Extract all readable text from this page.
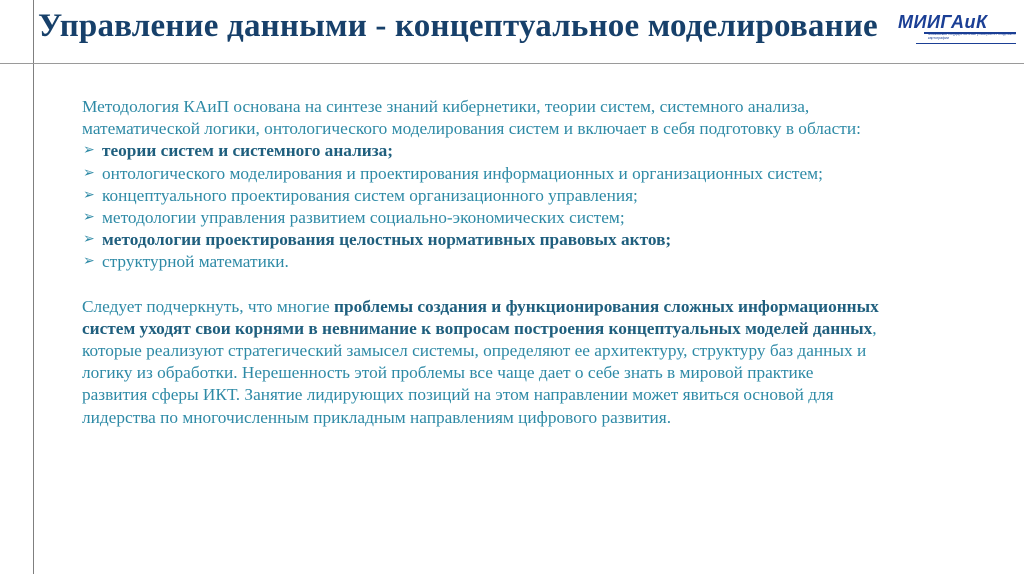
Управление данными - концептуальное моделирование МИИГАиК
Московский государственный университет геодезии и картографии

Методология КАиП основана на синтезе знаний кибернетики, теории систем, системного анализа, математической логики, онтологического моделирования систем и включает в себя подготовку в области:

➢ теории систем и системного анализа;
➢ онтологического моделирования и проектирования информационных и организационных систем;
➢ концептуального проектирования систем организационного управления;
➢ методологии управления развитием социально-экономических систем;
➢ методологии проектирования целостных нормативных правовых актов;
➢ структурной математики.

Следует подчеркнуть, что многие проблемы создания и функционирования сложных информационных систем уходят свои корнями в невнимание к вопросам построения концептуальных моделей данных, которые реализуют стратегический замысел системы, определяют ее архитектуру, структуру баз данных и логику из обработки. Нерешенность этой проблемы все чаще дает о себе знать в мировой практике развития сферы ИКТ. Занятие лидирующих позиций на этом направлении может явиться основой для лидерства по многочисленным прикладным направлениям цифрового развития.
